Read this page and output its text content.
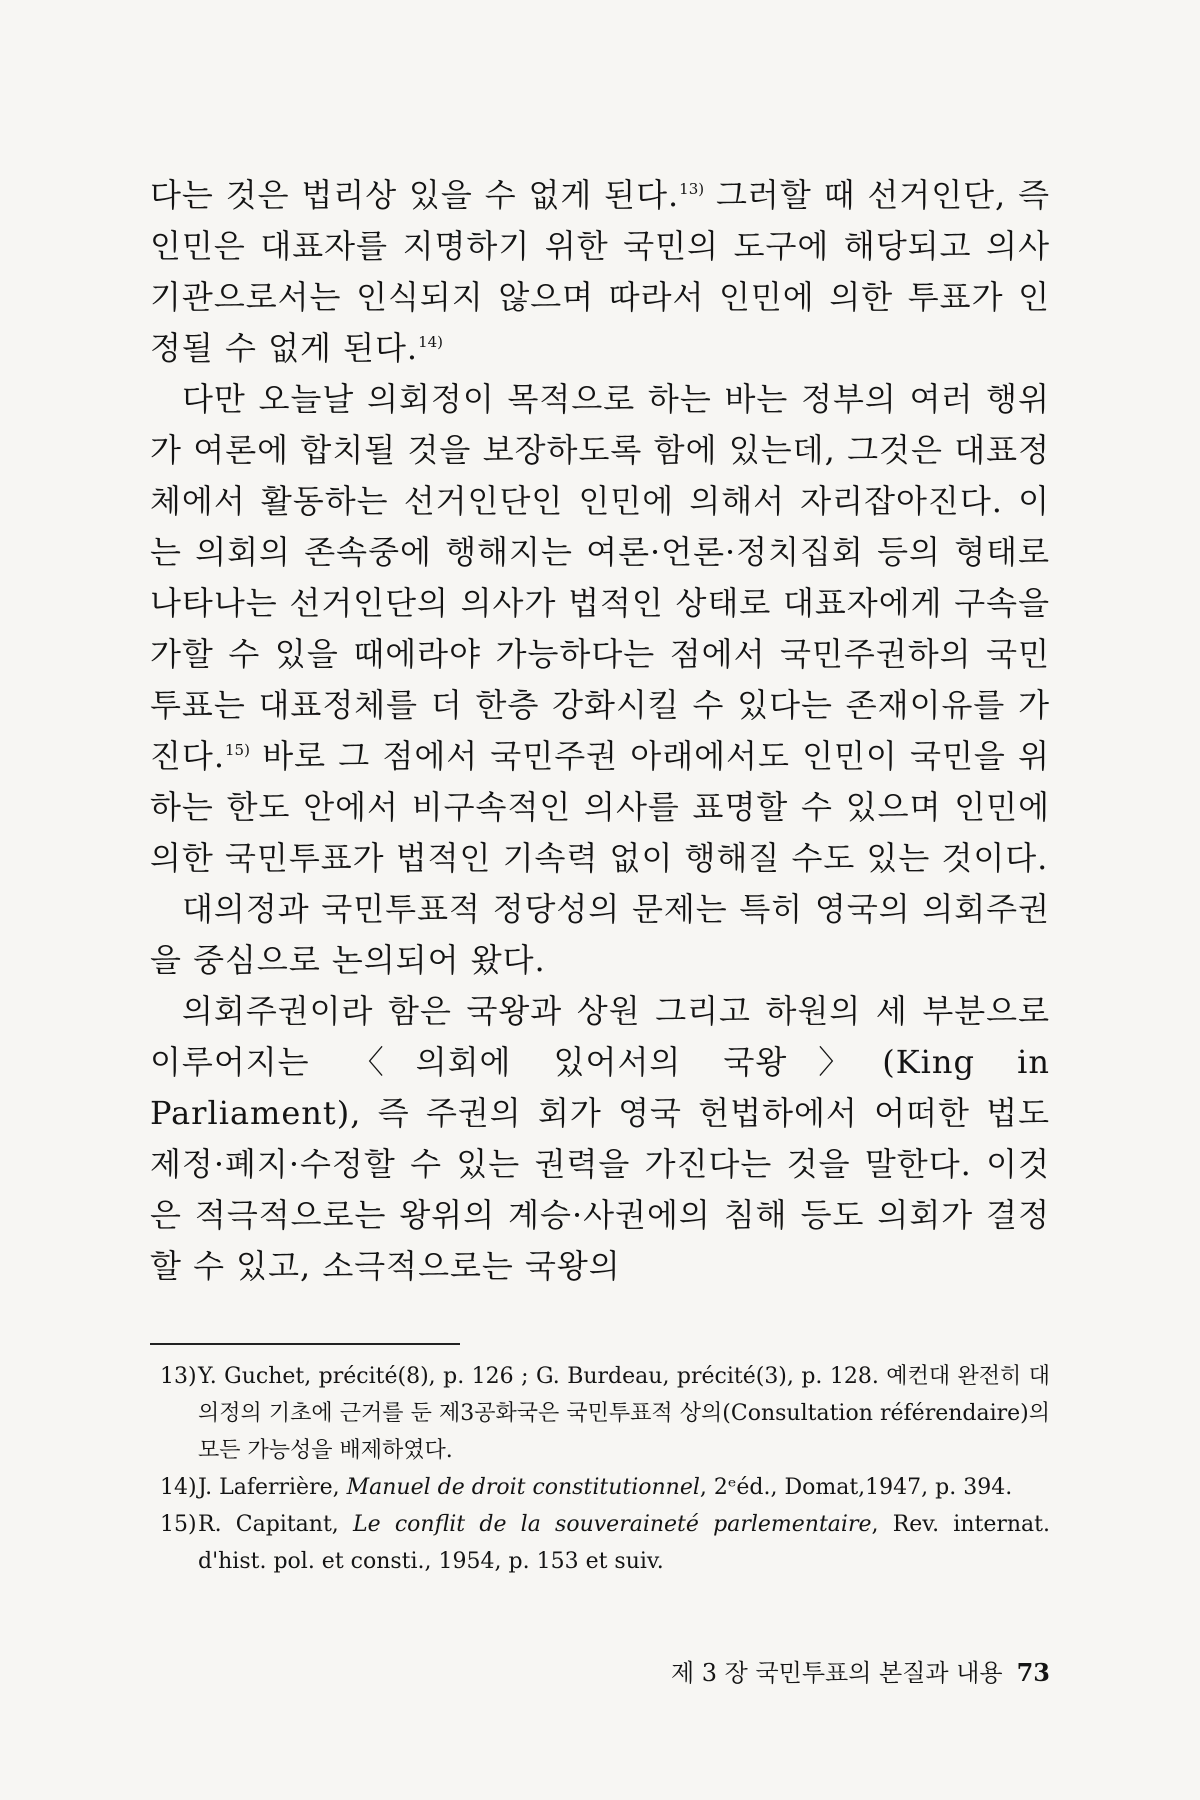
다는 것은 법리상 있을 수 없게 된다.$^{13)}$ 그러할 때 선거인단, 즉 인민은 대표자를 지명하기 위한 국민의 도구에 해당되고 의사기관으로서는 인식되지 않으며 따라서 인민에 의한 투표가 인정될 수 없게 된다.$^{14)}$

다만 오늘날 의회정이 목적으로 하는 바는 정부의 여러 행위가 여론에 합치될 것을 보장하도록 함에 있는데, 그것은 대표정체에서 활동하는 선거인단인 인민에 의해서 자리잡아진다. 이는 의회의 존속중에 행해지는 여론·언론·정치집회 등의 형태로 나타나는 선거인단의 의사가 법적인 상태로 대표자에게 구속을 가할 수 있을 때에라야 가능하다는 점에서 국민주권하의 국민투표는 대표정체를 더 한층 강화시킬 수 있다는 존재이유를 가진다.$^{15)}$ 바로 그 점에서 국민주권 아래에서도 인민이 국민을 위하는 한도 안에서 비구속적인 의사를 표명할 수 있으며 인민에 의한 국민투표가 법적인 기속력 없이 행해질 수도 있는 것이다.

대의정과 국민투표적 정당성의 문제는 특히 영국의 의회주권을 중심으로 논의되어 왔다.

의회주권이라 함은 국왕과 상원 그리고 하원의 세 부분으로 이루어지는 〈의회에 있어서의 국왕〉(King in Parliament), 즉 주권의 회가 영국 헌법하에서 어떠한 법도 제정·폐지·수정할 수 있는 권력을 가진다는 것을 말한다. 이것은 적극적으로는 왕위의 계승·사권에의 침해 등도 의회가 결정할 수 있고, 소극적으로는 국왕의

13) Y. Guchet, précité(8), p. 126 ; G. Burdeau, précité(3), p. 128. 예컨대 완전히 대의정의 기초에 근거를 둔 제3공화국은 국민투표적 상의(Consultation référendaire)의 모든 가능성을 배제하였다.
14) J. Laferrière, Manuel de droit constitutionnel, 2ᵉéd., Domat,1947, p. 394.
15) R. Capitant, Le conflit de la souveraineté parlementaire, Rev. internat. d'hist. pol. et consti., 1954, p. 153 et suiv.
제 3 장 국민투표의 본질과 내용 73
